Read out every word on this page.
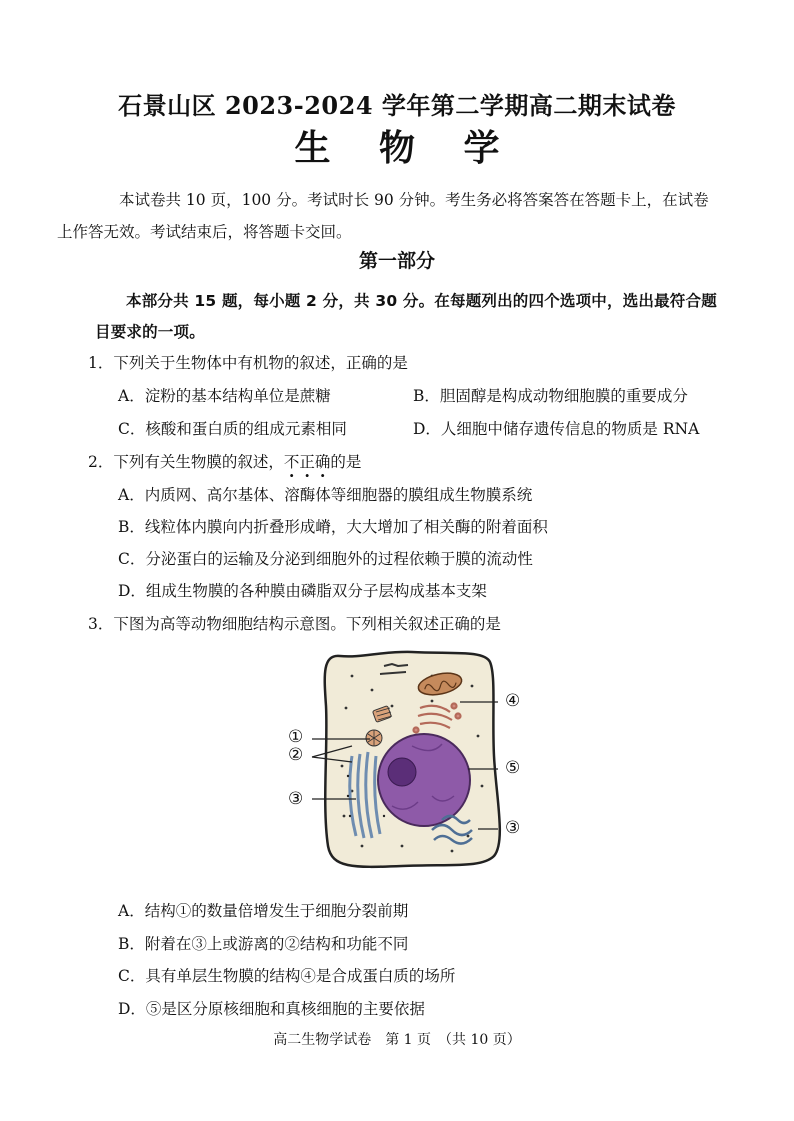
石景山区 2023-2024 学年第二学期高二期末试卷
生 物 学
本试卷共 10 页，100 分。考试时长 90 分钟。考生务必将答案答在答题卡上，在试卷
上作答无效。考试结束后，将答题卡交回。
第一部分
本部分共 15 题，每小题 2 分，共 30 分。在每题列出的四个选项中，选出最符合题
目要求的一项。
1．下列关于生物体中有机物的叙述，正确的是
A．淀粉的基本结构单位是蔗糖	B．胆固醇是构成动物细胞膜的重要成分
C．核酸和蛋白质的组成元素相同	D．人细胞中储存遗传信息的物质是 RNA
2．下列有关生物膜的叙述，不正确的是
A．内质网、高尔基体、溶酶体等细胞器的膜组成生物膜系统
B．线粒体内膜向内折叠形成嵴，大大增加了相关酶的附着面积
C．分泌蛋白的运输及分泌到细胞外的过程依赖于膜的流动性
D．组成生物膜的各种膜由磷脂双分子层构成基本支架
3．下图为高等动物细胞结构示意图。下列相关叙述正确的是
①
②
③
④
⑤
③
A．结构①的数量倍增发生于细胞分裂前期
B．附着在③上或游离的②结构和功能不同
C．具有单层生物膜的结构④是合成蛋白质的场所
D．⑤是区分原核细胞和真核细胞的主要依据
高二生物学试卷　第 1 页　（共 10 页）
